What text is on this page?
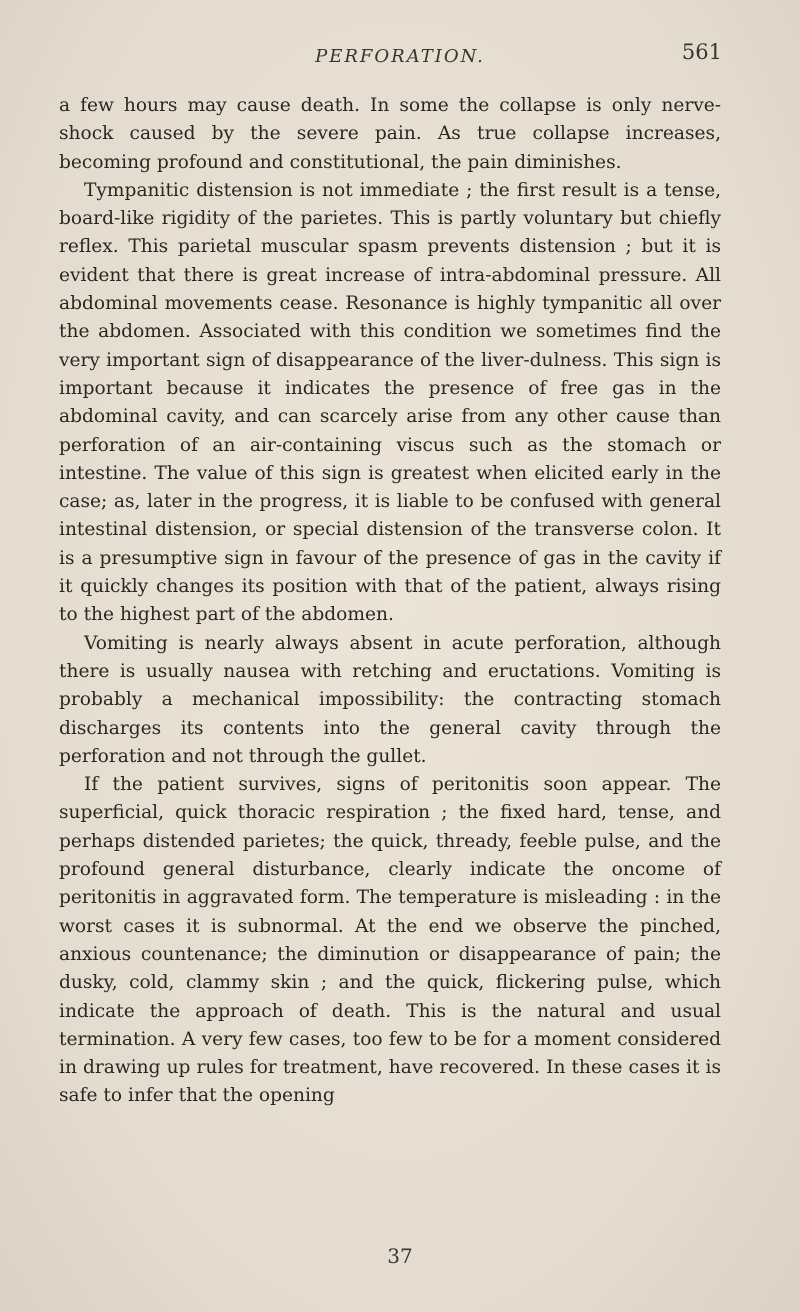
PERFORATION.	561

a few hours may cause death. In some the collapse is only nerve-shock caused by the severe pain. As true collapse increases, becoming profound and constitutional, the pain diminishes.

Tympanitic distension is not immediate ; the first result is a tense, board-like rigidity of the parietes. This is partly voluntary but chiefly reflex. This parietal muscular spasm prevents distension ; but it is evident that there is great increase of intra-abdominal pressure. All abdominal movements cease. Resonance is highly tympanitic all over the abdomen. Associated with this condition we sometimes find the very important sign of disappearance of the liver-dulness. This sign is important because it indicates the presence of free gas in the abdominal cavity, and can scarcely arise from any other cause than perforation of an air-containing viscus such as the stomach or intestine. The value of this sign is greatest when elicited early in the case; as, later in the progress, it is liable to be confused with general intestinal distension, or special distension of the transverse colon. It is a presumptive sign in favour of the presence of gas in the cavity if it quickly changes its position with that of the patient, always rising to the highest part of the abdomen.

Vomiting is nearly always absent in acute perforation, although there is usually nausea with retching and eructations. Vomiting is probably a mechanical impossibility: the contracting stomach discharges its contents into the general cavity through the perforation and not through the gullet.

If the patient survives, signs of peritonitis soon appear. The superficial, quick thoracic respiration ; the fixed hard, tense, and perhaps distended parietes; the quick, thready, feeble pulse, and the profound general disturbance, clearly indicate the oncome of peritonitis in aggravated form. The temperature is misleading : in the worst cases it is subnormal. At the end we observe the pinched, anxious countenance; the diminution or disappearance of pain; the dusky, cold, clammy skin ; and the quick, flickering pulse, which indicate the approach of death. This is the natural and usual termination. A very few cases, too few to be for a moment considered in drawing up rules for treatment, have recovered. In these cases it is safe to infer that the opening

37
